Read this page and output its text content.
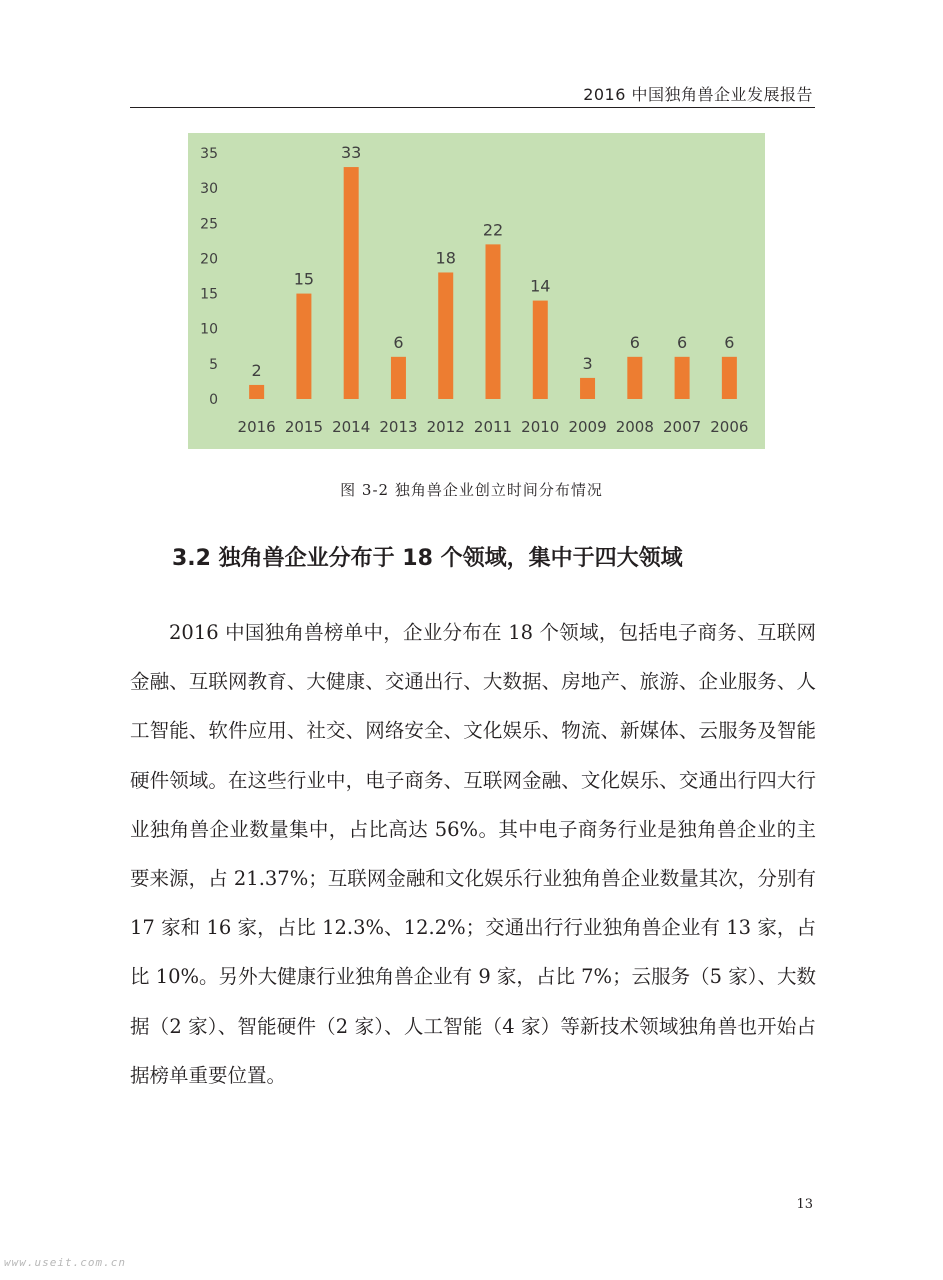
2016 中国独角兽企业发展报告
0
5
10
15
20
25
30
35
2
2016
15
2015
33
2014
6
2013
18
2012
22
2011
14
2010
3
2009
6
2008
6
2007
6
2006
图 3-2 独角兽企业创立时间分布情况
3.2 独角兽企业分布于 18 个领域，集中于四大领域

2016 中国独角兽榜单中，企业分布在 18 个领域，包括电子商务、互联网金融、互联网教育、大健康、交通出行、大数据、房地产、旅游、企业服务、人工智能、软件应用、社交、网络安全、文化娱乐、物流、新媒体、云服务及智能硬件领域。在这些行业中，电子商务、互联网金融、文化娱乐、交通出行四大行业独角兽企业数量集中，占比高达 56%。其中电子商务行业是独角兽企业的主要来源，占 21.37%；互联网金融和文化娱乐行业独角兽企业数量其次，分别有 17 家和 16 家，占比 12.3%、12.2%；交通出行行业独角兽企业有 13 家，占比 10%。另外大健康行业独角兽企业有 9 家，占比 7%；云服务（5 家）、大数据（2 家）、智能硬件（2 家）、人工智能（4 家）等新技术领域独角兽也开始占据榜单重要位置。

13
www.useit.com.cn
